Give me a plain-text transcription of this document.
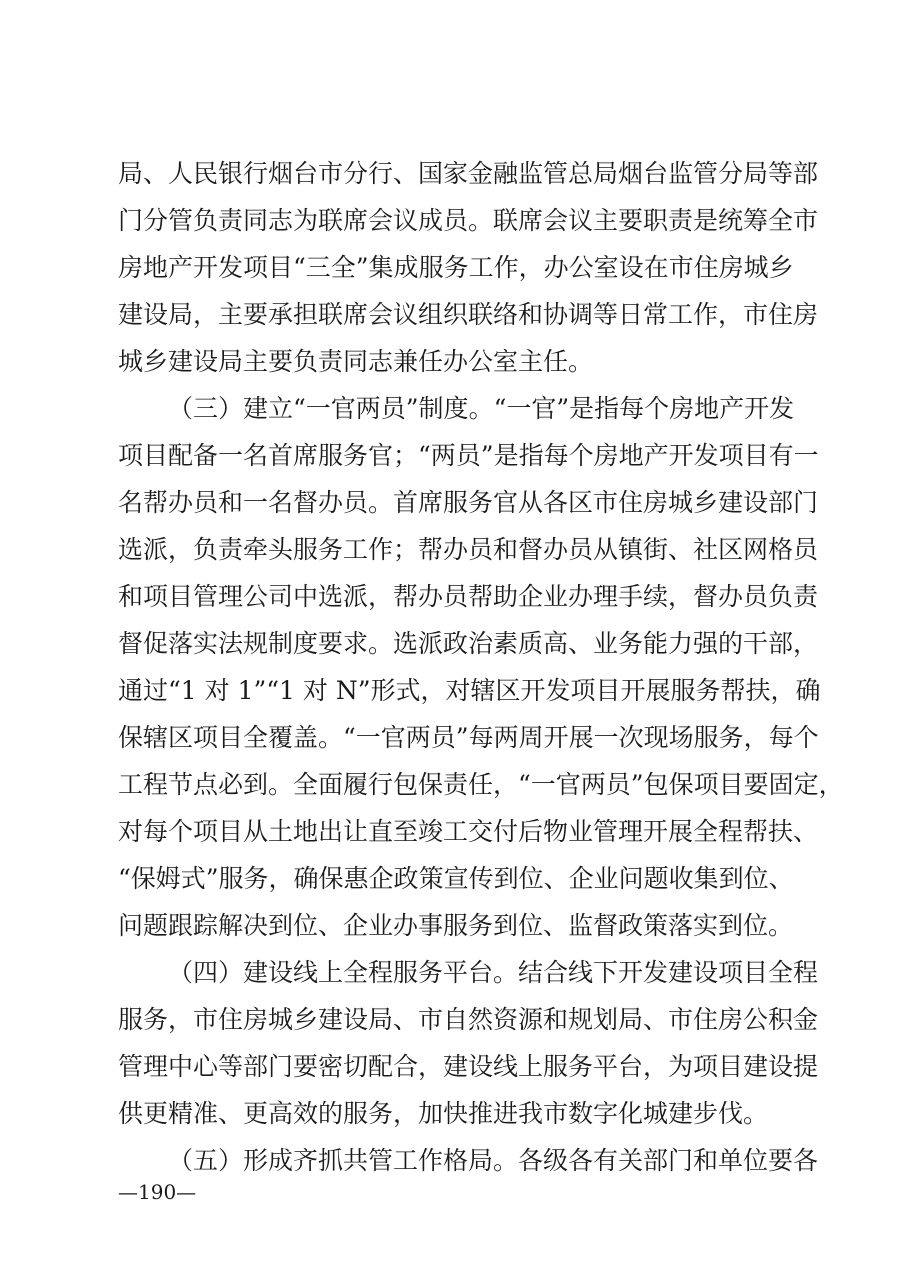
局、人民银行烟台市分行、国家金融监管总局烟台监管分局等部
门分管负责同志为联席会议成员。联席会议主要职责是统筹全市
房地产开发项目“三全”集成服务工作，办公室设在市住房城乡
建设局，主要承担联席会议组织联络和协调等日常工作，市住房
城乡建设局主要负责同志兼任办公室主任。
（三）建立“一官两员”制度。“一官”是指每个房地产开发
项目配备一名首席服务官；“两员”是指每个房地产开发项目有一
名帮办员和一名督办员。首席服务官从各区市住房城乡建设部门
选派，负责牵头服务工作；帮办员和督办员从镇街、社区网格员
和项目管理公司中选派，帮办员帮助企业办理手续，督办员负责
督促落实法规制度要求。选派政治素质高、业务能力强的干部，
通过“1 对 1”“1 对 N”形式，对辖区开发项目开展服务帮扶，确
保辖区项目全覆盖。“一官两员”每两周开展一次现场服务，每个
工程节点必到。全面履行包保责任，“一官两员”包保项目要固定，
对每个项目从土地出让直至竣工交付后物业管理开展全程帮扶、
“保姆式”服务，确保惠企政策宣传到位、企业问题收集到位、
问题跟踪解决到位、企业办事服务到位、监督政策落实到位。
（四）建设线上全程服务平台。结合线下开发建设项目全程
服务，市住房城乡建设局、市自然资源和规划局、市住房公积金
管理中心等部门要密切配合，建设线上服务平台，为项目建设提
供更精准、更高效的服务，加快推进我市数字化城建步伐。
（五）形成齐抓共管工作格局。各级各有关部门和单位要各
—190—
